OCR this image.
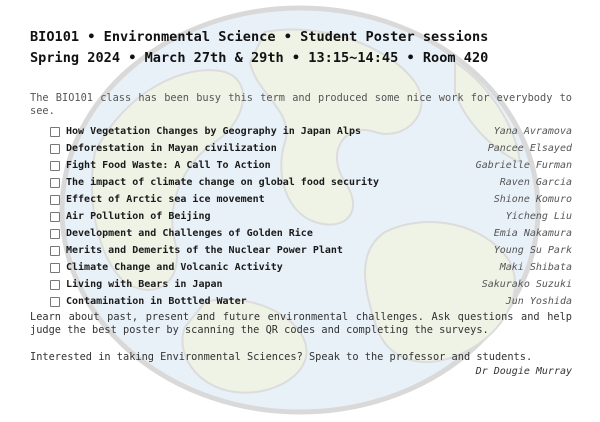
BIO101 • Environmental Science • Student Poster sessions
Spring 2024 • March 27th & 29th • 13:15~14:45 • Room 420

The BIO101 class has been busy this term and produced some nice work for everybody to see.

How Vegetation Changes by Geography in Japan Alps	Yana Avramova
Deforestation in Mayan civilization	Pancee Elsayed
Fight Food Waste: A Call To Action	Gabrielle Furman
The impact of climate change on global food security	Raven Garcia
Effect of Arctic sea ice movement	Shione Komuro
Air Pollution of Beijing	Yicheng Liu
Development and Challenges of Golden Rice	Emia Nakamura
Merits and Demerits of the Nuclear Power Plant	Young Su Park
Climate Change and Volcanic Activity	Maki Shibata
Living with Bears in Japan	Sakurako Suzuki
Contamination in Bottled Water	Jun Yoshida

Learn about past, present and future environmental challenges. Ask questions and help judge the best poster by scanning the QR codes and completing the surveys.

Interested in taking Environmental Sciences? Speak to the professor and students.

Dr Dougie Murray
